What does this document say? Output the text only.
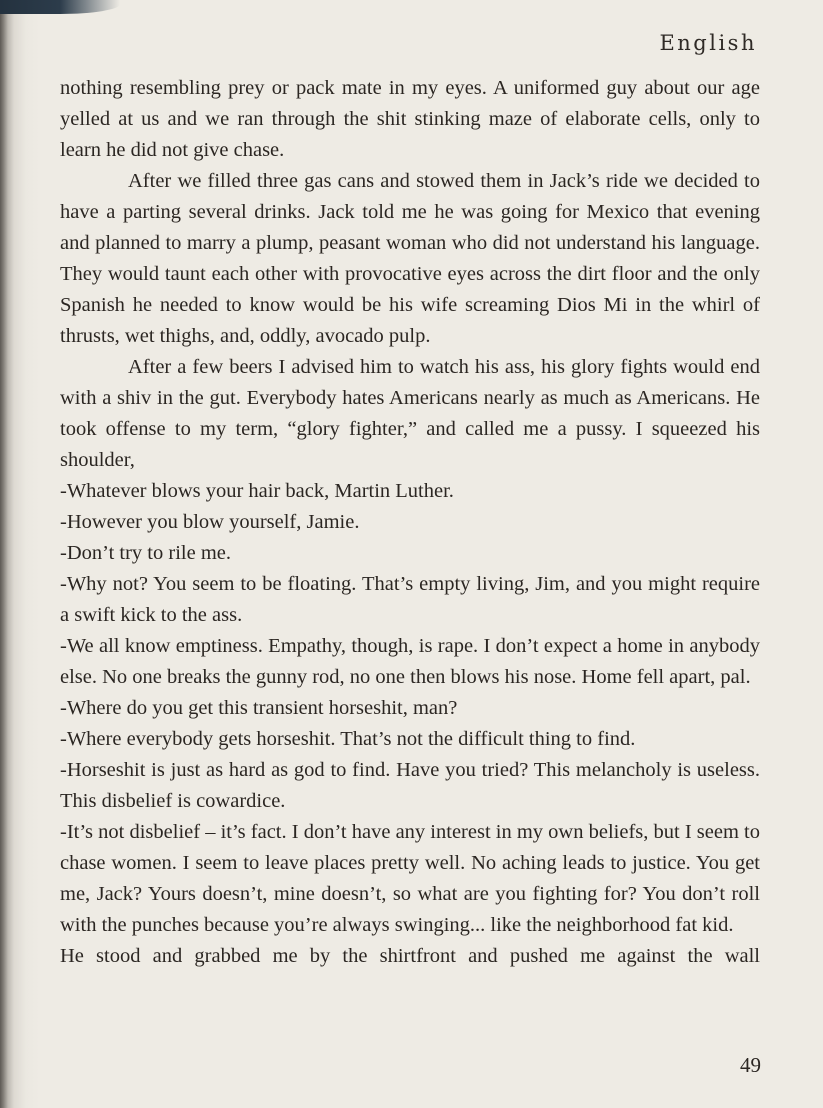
English

nothing resembling prey or pack mate in my eyes. A uniformed guy about our age yelled at us and we ran through the shit stinking maze of elaborate cells, only to learn he did not give chase.

After we filled three gas cans and stowed them in Jack’s ride we decided to have a parting several drinks. Jack told me he was going for Mexico that evening and planned to marry a plump, peasant woman who did not understand his language. They would taunt each other with provocative eyes across the dirt floor and the only Spanish he needed to know would be his wife screaming Dios Mi in the whirl of thrusts, wet thighs, and, oddly, avocado pulp.

After a few beers I advised him to watch his ass, his glory fights would end with a shiv in the gut. Everybody hates Americans nearly as much as Americans. He took offense to my term, “glory fighter,” and called me a pussy. I squeezed his shoulder,

-Whatever blows your hair back, Martin Luther.

-However you blow yourself, Jamie.

-Don’t try to rile me.

-Why not? You seem to be floating. That’s empty living, Jim, and you might require a swift kick to the ass.

-We all know emptiness. Empathy, though, is rape. I don’t expect a home in anybody else. No one breaks the gunny rod, no one then blows his nose. Home fell apart, pal.

-Where do you get this transient horseshit, man?

-Where everybody gets horseshit. That’s not the difficult thing to find.

-Horseshit is just as hard as god to find. Have you tried? This melancholy is useless. This disbelief is cowardice.

-It’s not disbelief – it’s fact. I don’t have any interest in my own beliefs, but I seem to chase women. I seem to leave places pretty well. No aching leads to justice. You get me, Jack? Yours doesn’t, mine doesn’t, so what are you fighting for? You don’t roll with the punches because you’re always swinging... like the neighborhood fat kid.

He stood and grabbed me by the shirtfront and pushed me against the wall

49
